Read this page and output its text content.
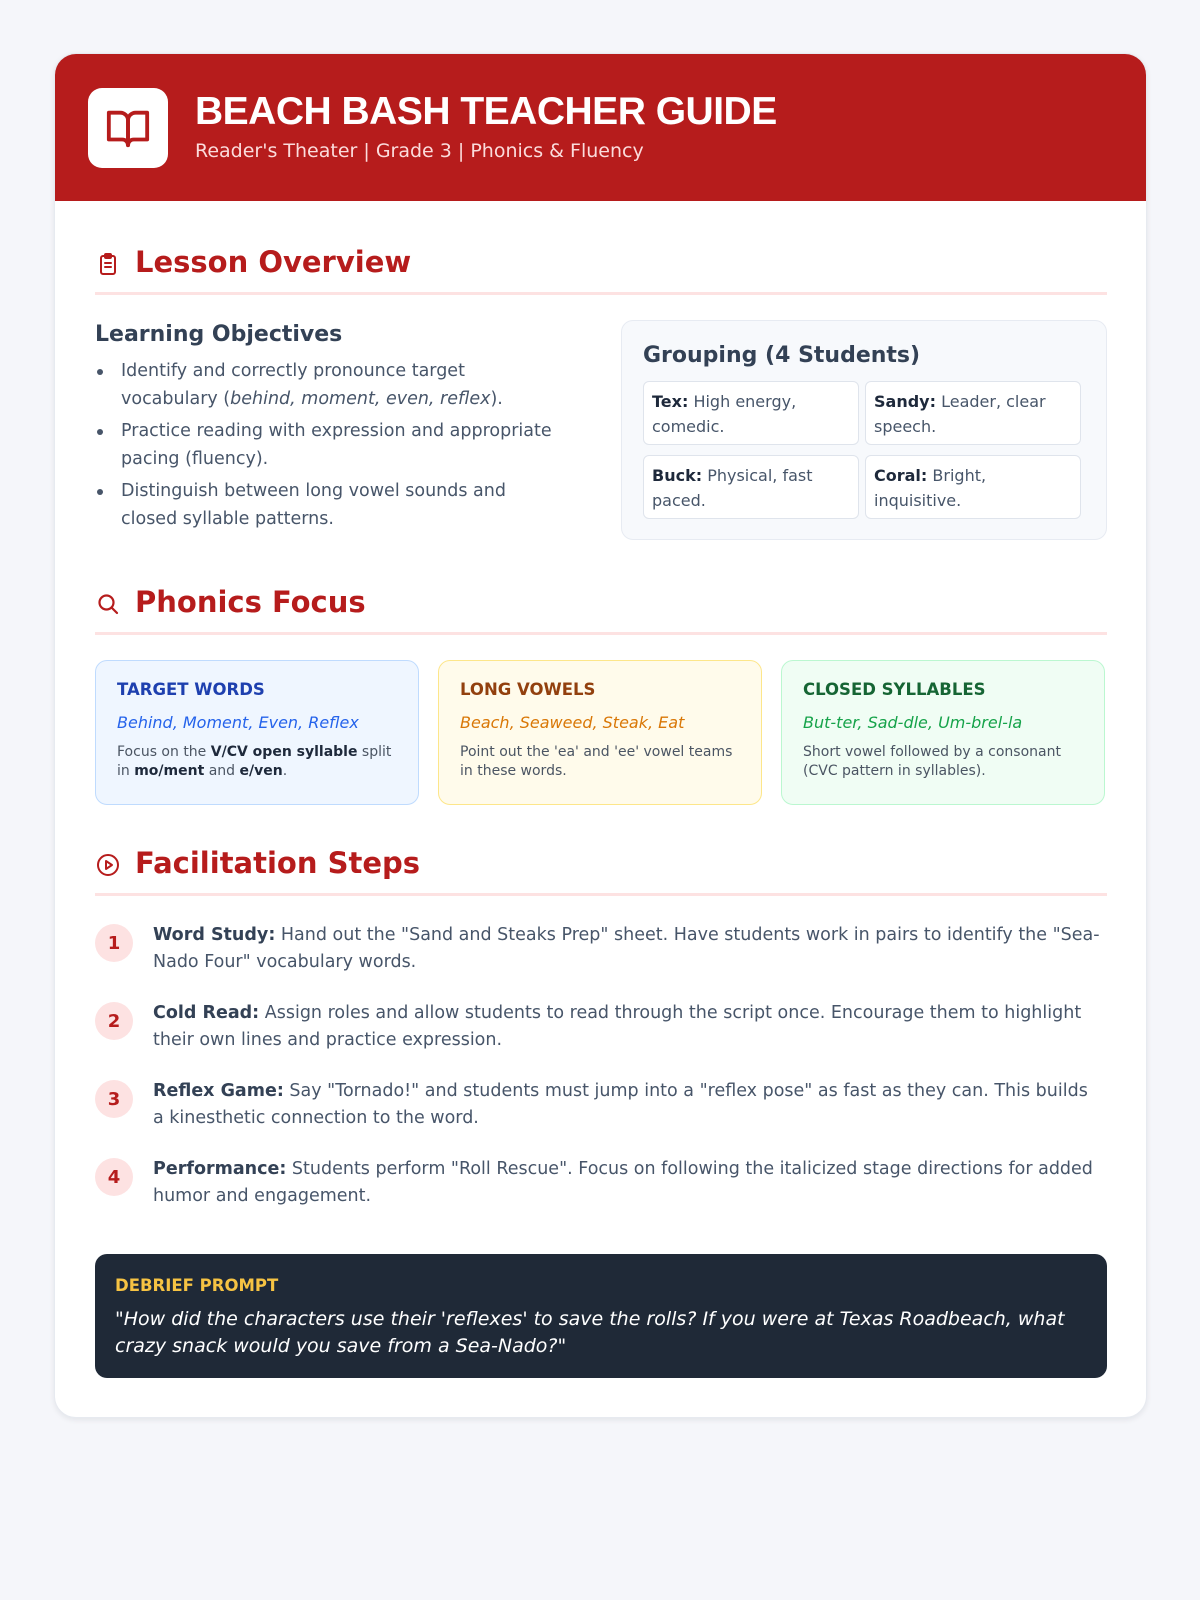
BEACH BASH TEACHER GUIDE
Reader's Theater | Grade 3 | Phonics & Fluency
Lesson Overview
Learning Objectives
Identify and correctly pronounce target vocabulary (behind, moment, even, reflex).
Practice reading with expression and appropriate pacing (fluency).
Distinguish between long vowel sounds and closed syllable patterns.
Grouping (4 Students)
Tex: High energy, comedic.
Sandy: Leader, clear speech.
Buck: Physical, fast paced.
Coral: Bright, inquisitive.
Phonics Focus
TARGET WORDS
Behind, Moment, Even, Reflex
Focus on the V/CV open syllable split in mo/ment and e/ven.
LONG VOWELS
Beach, Seaweed, Steak, Eat
Point out the 'ea' and 'ee' vowel teams in these words.
CLOSED SYLLABLES
But-ter, Sad-dle, Um-brel-la
Short vowel followed by a consonant (CVC pattern in syllables).
Facilitation Steps
1	Word Study: Hand out the "Sand and Steaks Prep" sheet. Have students work in pairs to identify the "Sea-Nado Four" vocabulary words.
2	Cold Read: Assign roles and allow students to read through the script once. Encourage them to highlight their own lines and practice expression.
3	Reflex Game: Say "Tornado!" and students must jump into a "reflex pose" as fast as they can. This builds a kinesthetic connection to the word.
4	Performance: Students perform "Roll Rescue". Focus on following the italicized stage directions for added humor and engagement.
DEBRIEF PROMPT
"How did the characters use their 'reflexes' to save the rolls? If you were at Texas Roadbeach, what crazy snack would you save from a Sea-Nado?"
